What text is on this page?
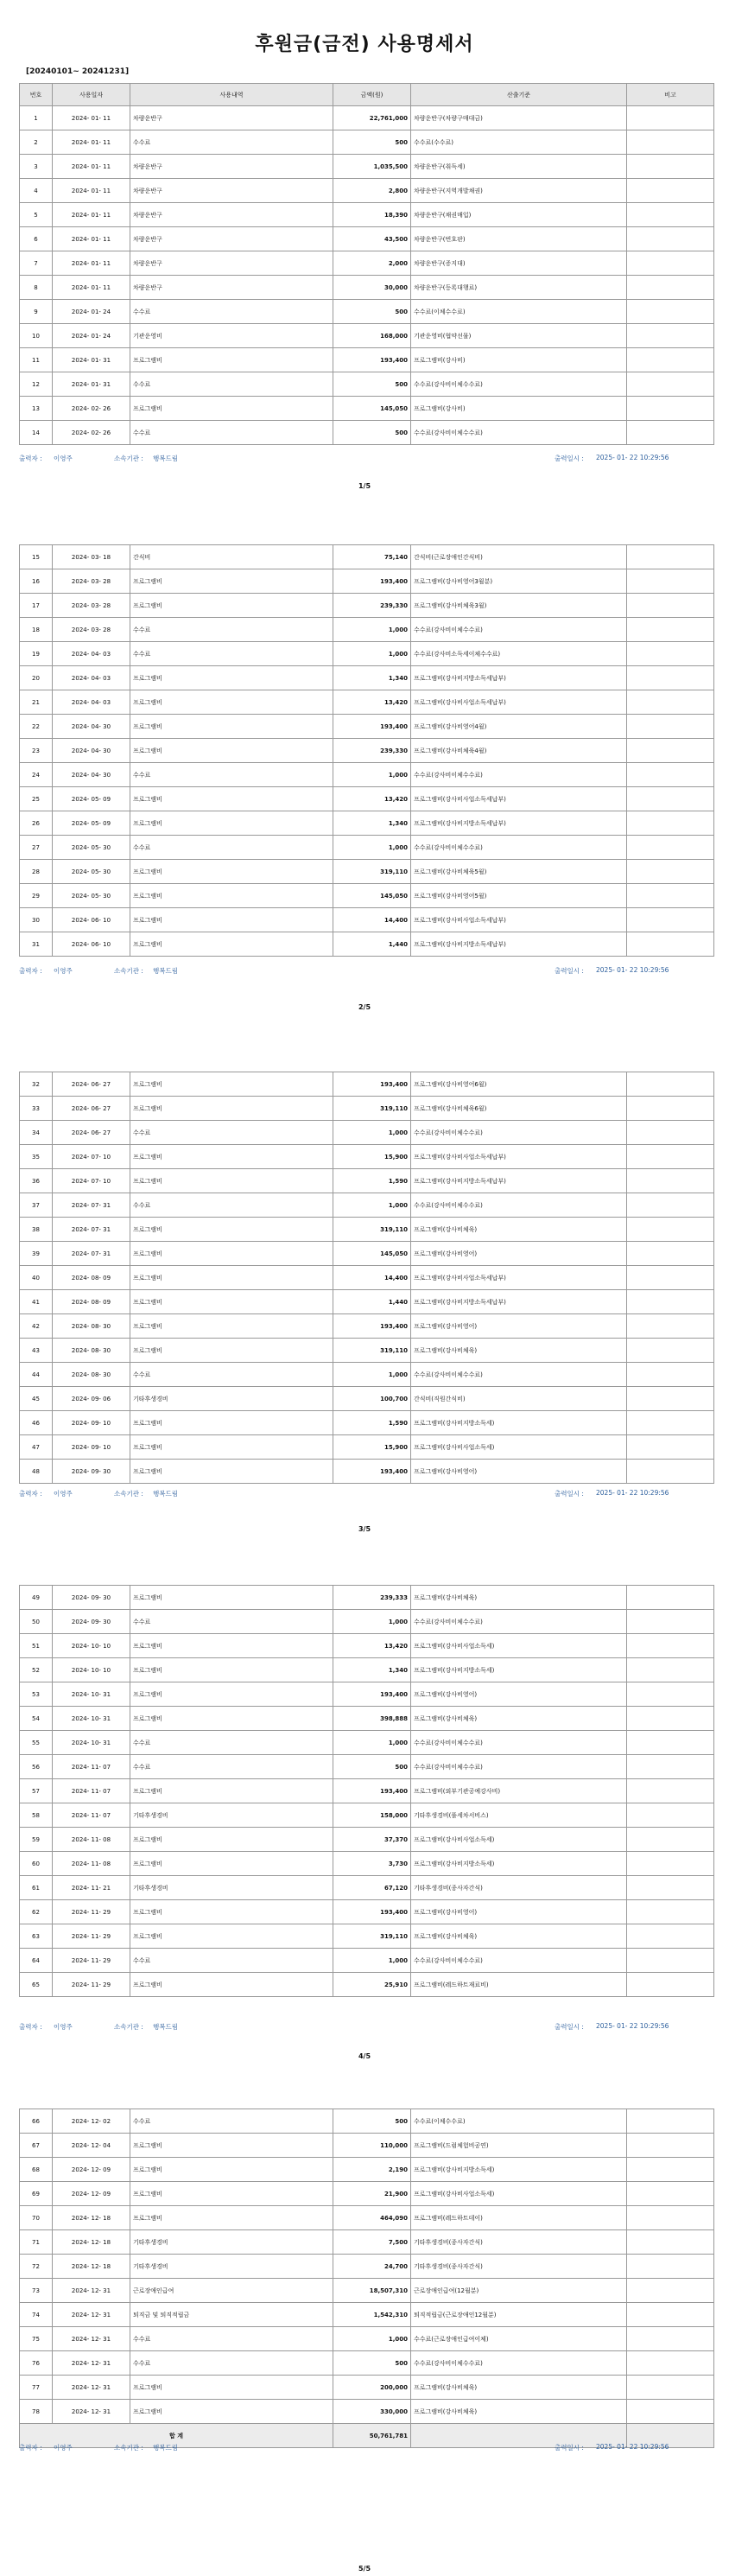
후원금(금전) 사용명세서
[20240101~ 20241231]
번호	사용일자	사용내역	금액(원)	산출기준	비고
1	2024- 01- 11	차량운반구	22,761,000	차량운반구(차량구매대금)	
2	2024- 01- 11	수수료	500	수수료(수수료)	
3	2024- 01- 11	차량운반구	1,035,500	차량운반구(취득세)	
4	2024- 01- 11	차량운반구	2,800	차량운반구(지역개발채권)	
5	2024- 01- 11	차량운반구	18,390	차량운반구(채권매입)	
6	2024- 01- 11	차량운반구	43,500	차량운반구(번호판)	
7	2024- 01- 11	차량운반구	2,000	차량운반구(증지대)	
8	2024- 01- 11	차량운반구	30,000	차량운반구(등록대행료)	
9	2024- 01- 24	수수료	500	수수료(이체수수료)	
10	2024- 01- 24	기관운영비	168,000	기관운영비(협약선물)	
11	2024- 01- 31	프로그램비	193,400	프로그램비(강사비)	
12	2024- 01- 31	수수료	500	수수료(강사비이체수수료)	
13	2024- 02- 26	프로그램비	145,050	프로그램비(강사비)	
14	2024- 02- 26	수수료	500	수수료(강사비이체수수료)	
출력자 : 이영주	소속기관 : 행복드림	출력일시 : 2025- 01- 22 10:29:56
1/5
15	2024- 03- 18	간식비	75,140	간식비(근로장애인간식비)	
16	2024- 03- 28	프로그램비	193,400	프로그램비(강사비영어3월분)	
17	2024- 03- 28	프로그램비	239,330	프로그램비(강사비체육3월)	
18	2024- 03- 28	수수료	1,000	수수료(강사비이체수수료)	
19	2024- 04- 03	수수료	1,000	수수료(강사비소득세이체수수료)	
20	2024- 04- 03	프로그램비	1,340	프로그램비(강사비지방소득세납부)	
21	2024- 04- 03	프로그램비	13,420	프로그램비(강사비사업소득세납부)	
22	2024- 04- 30	프로그램비	193,400	프로그램비(강사비영어4월)	
23	2024- 04- 30	프로그램비	239,330	프로그램비(강사비체육4월)	
24	2024- 04- 30	수수료	1,000	수수료(강사비이체수수료)	
25	2024- 05- 09	프로그램비	13,420	프로그램비(강사비사업소득세납부)	
26	2024- 05- 09	프로그램비	1,340	프로그램비(강사비지방소득세납부)	
27	2024- 05- 30	수수료	1,000	수수료(강사비이체수수료)	
28	2024- 05- 30	프로그램비	319,110	프로그램비(강사비체육5월)	
29	2024- 05- 30	프로그램비	145,050	프로그램비(강사비영어5월)	
30	2024- 06- 10	프로그램비	14,400	프로그램비(강사비사업소득세납부)	
31	2024- 06- 10	프로그램비	1,440	프로그램비(강사비지방소득세납부)	
출력자 : 이영주	소속기관 : 행복드림	출력일시 : 2025- 01- 22 10:29:56
2/5
32	2024- 06- 27	프로그램비	193,400	프로그램비(강사비영어6월)	
33	2024- 06- 27	프로그램비	319,110	프로그램비(강사비체육6월)	
34	2024- 06- 27	수수료	1,000	수수료(강사비이체수수료)	
35	2024- 07- 10	프로그램비	15,900	프로그램비(강사비사업소득세납부)	
36	2024- 07- 10	프로그램비	1,590	프로그램비(강사비지방소득세납부)	
37	2024- 07- 31	수수료	1,000	수수료(강사비이체수수료)	
38	2024- 07- 31	프로그램비	319,110	프로그램비(강사비체육)	
39	2024- 07- 31	프로그램비	145,050	프로그램비(강사비영어)	
40	2024- 08- 09	프로그램비	14,400	프로그램비(강사비사업소득세납부)	
41	2024- 08- 09	프로그램비	1,440	프로그램비(강사비지방소득세납부)	
42	2024- 08- 30	프로그램비	193,400	프로그램비(강사비영어)	
43	2024- 08- 30	프로그램비	319,110	프로그램비(강사비체육)	
44	2024- 08- 30	수수료	1,000	수수료(강사비이체수수료)	
45	2024- 09- 06	기타후생경비	100,700	간식비(직원간식비)	
46	2024- 09- 10	프로그램비	1,590	프로그램비(강사비지방소득세)	
47	2024- 09- 10	프로그램비	15,900	프로그램비(강사비사업소득세)	
48	2024- 09- 30	프로그램비	193,400	프로그램비(강사비영어)	
출력자 : 이영주	소속기관 : 행복드림	출력일시 : 2025- 01- 22 10:29:56
3/5
49	2024- 09- 30	프로그램비	239,333	프로그램비(강사비체육)	
50	2024- 09- 30	수수료	1,000	수수료(강사비이체수수료)	
51	2024- 10- 10	프로그램비	13,420	프로그램비(강사비사업소득세)	
52	2024- 10- 10	프로그램비	1,340	프로그램비(강사비지방소득세)	
53	2024- 10- 31	프로그램비	193,400	프로그램비(강사비영어)	
54	2024- 10- 31	프로그램비	398,888	프로그램비(강사비체육)	
55	2024- 10- 31	수수료	1,000	수수료(강사비이체수수료)	
56	2024- 11- 07	수수료	500	수수료(강사비이체수수료)	
57	2024- 11- 07	프로그램비	193,400	프로그램비(외부기관공예강사비)	
58	2024- 11- 07	기타후생경비	158,000	기타후생경비(풀세차서비스)	
59	2024- 11- 08	프로그램비	37,370	프로그램비(강사비사업소득세)	
60	2024- 11- 08	프로그램비	3,730	프로그램비(강사비지방소득세)	
61	2024- 11- 21	기타후생경비	67,120	기타후생경비(종사자간식)	
62	2024- 11- 29	프로그램비	193,400	프로그램비(강사비영어)	
63	2024- 11- 29	프로그램비	319,110	프로그램비(강사비체육)	
64	2024- 11- 29	수수료	1,000	수수료(강사비이체수수료)	
65	2024- 11- 29	프로그램비	25,910	프로그램비(레드하트재료비)	
출력자 : 이영주	소속기관 : 행복드림	출력일시 : 2025- 01- 22 10:29:56
4/5
66	2024- 12- 02	수수료	500	수수료(이체수수료)	
67	2024- 12- 04	프로그램비	110,000	프로그램비(드럼체험비공연)	
68	2024- 12- 09	프로그램비	2,190	프로그램비(강사비지방소득세)	
69	2024- 12- 09	프로그램비	21,900	프로그램비(강사비사업소득세)	
70	2024- 12- 18	프로그램비	464,090	프로그램비(레드하트데이)	
71	2024- 12- 18	기타후생경비	7,500	기타후생경비(종사자간식)	
72	2024- 12- 18	기타후생경비	24,700	기타후생경비(종사자간식)	
73	2024- 12- 31	근로장애인급여	18,507,310	근로장애인급여(12월분)	
74	2024- 12- 31	퇴직금 및 퇴직적립금	1,542,310	퇴직적립금(근로장애인12월분)	
75	2024- 12- 31	수수료	1,000	수수료(근로장애인급여이체)	
76	2024- 12- 31	수수료	500	수수료(강사비이체수수료)	
77	2024- 12- 31	프로그램비	200,000	프로그램비(강사비체육)	
78	2024- 12- 31	프로그램비	330,000	프로그램비(강사비체육)	
합 계			50,761,781		
출력자 : 이영주	소속기관 : 행복드림	출력일시 : 2025- 01- 22 10:29:56
5/5
